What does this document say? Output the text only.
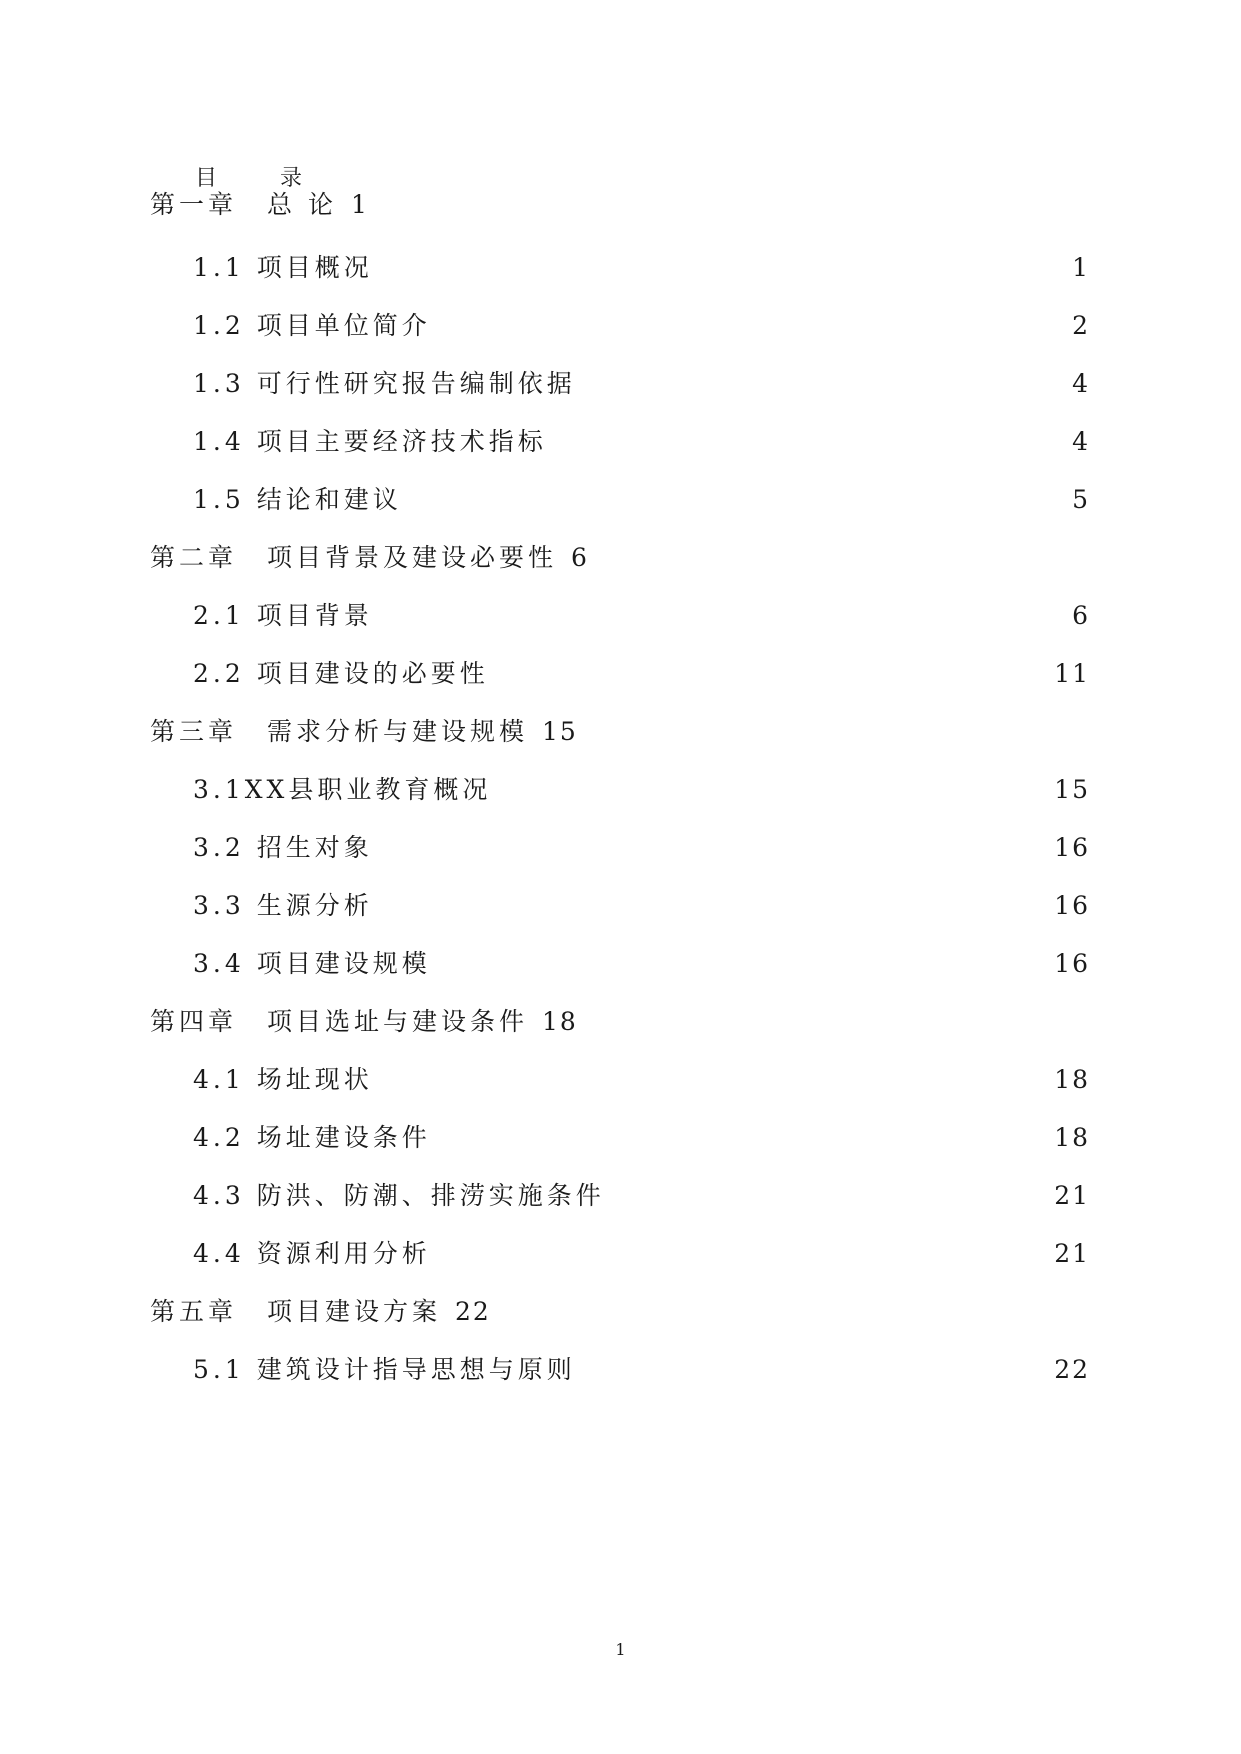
目 录
第一章 总 论 1
1.1 项目概况	1
1.2 项目单位简介	2
1.3 可行性研究报告编制依据	4
1.4 项目主要经济技术指标	4
1.5 结论和建议	5
第二章 项目背景及建设必要性 6
2.1 项目背景	6
2.2 项目建设的必要性	11
第三章 需求分析与建设规模 15
3.1XX县职业教育概况	15
3.2 招生对象	16
3.3 生源分析	16
3.4 项目建设规模	16
第四章 项目选址与建设条件 18
4.1 场址现状	18
4.2 场址建设条件	18
4.3 防洪、防潮、排涝实施条件	21
4.4 资源利用分析	21
第五章 项目建设方案 22
5.1 建筑设计指导思想与原则	22
1
